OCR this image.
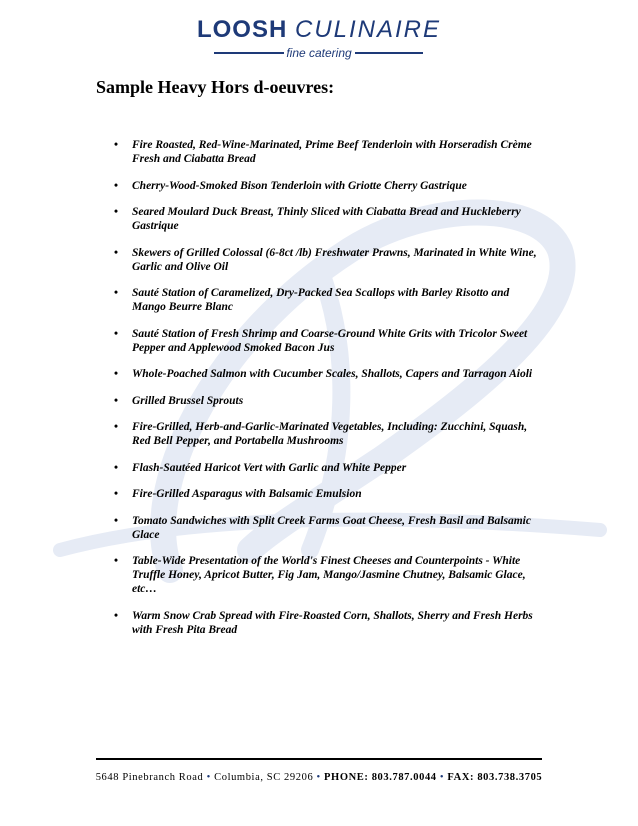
LOOSH CULINAIRE
fine catering
Sample Heavy Hors d-oeuvres:
• Fire Roasted, Red-Wine-Marinated, Prime Beef Tenderloin with Horseradish Crème Fresh and Ciabatta Bread
• Cherry-Wood-Smoked Bison Tenderloin with Griotte Cherry Gastrique
• Seared Moulard Duck Breast, Thinly Sliced with Ciabatta Bread and Huckleberry Gastrique
• Skewers of Grilled Colossal (6-8ct /lb) Freshwater Prawns, Marinated in White Wine, Garlic and Olive Oil
• Sauté Station of Caramelized, Dry-Packed Sea Scallops with Barley Risotto and Mango Beurre Blanc
• Sauté Station of Fresh Shrimp and Coarse-Ground White Grits with Tricolor Sweet Pepper and Applewood Smoked Bacon Jus
• Whole-Poached Salmon with Cucumber Scales, Shallots, Capers and Tarragon Aioli
• Grilled Brussel Sprouts
• Fire-Grilled, Herb-and-Garlic-Marinated Vegetables, Including: Zucchini, Squash, Red Bell Pepper, and Portabella Mushrooms
• Flash-Sautéed Haricot Vert with Garlic and White Pepper
• Fire-Grilled Asparagus with Balsamic Emulsion
• Tomato Sandwiches with Split Creek Farms Goat Cheese, Fresh Basil and Balsamic Glace
• Table-Wide Presentation of the World's Finest Cheeses and Counterpoints - White Truffle Honey, Apricot Butter, Fig Jam, Mango/Jasmine Chutney, Balsamic Glace, etc…
• Warm Snow Crab Spread with Fire-Roasted Corn, Shallots, Sherry and Fresh Herbs with Fresh Pita Bread
5648 Pinebranch Road • Columbia, SC 29206 • PHONE: 803.787.0044 • FAX: 803.738.3705
